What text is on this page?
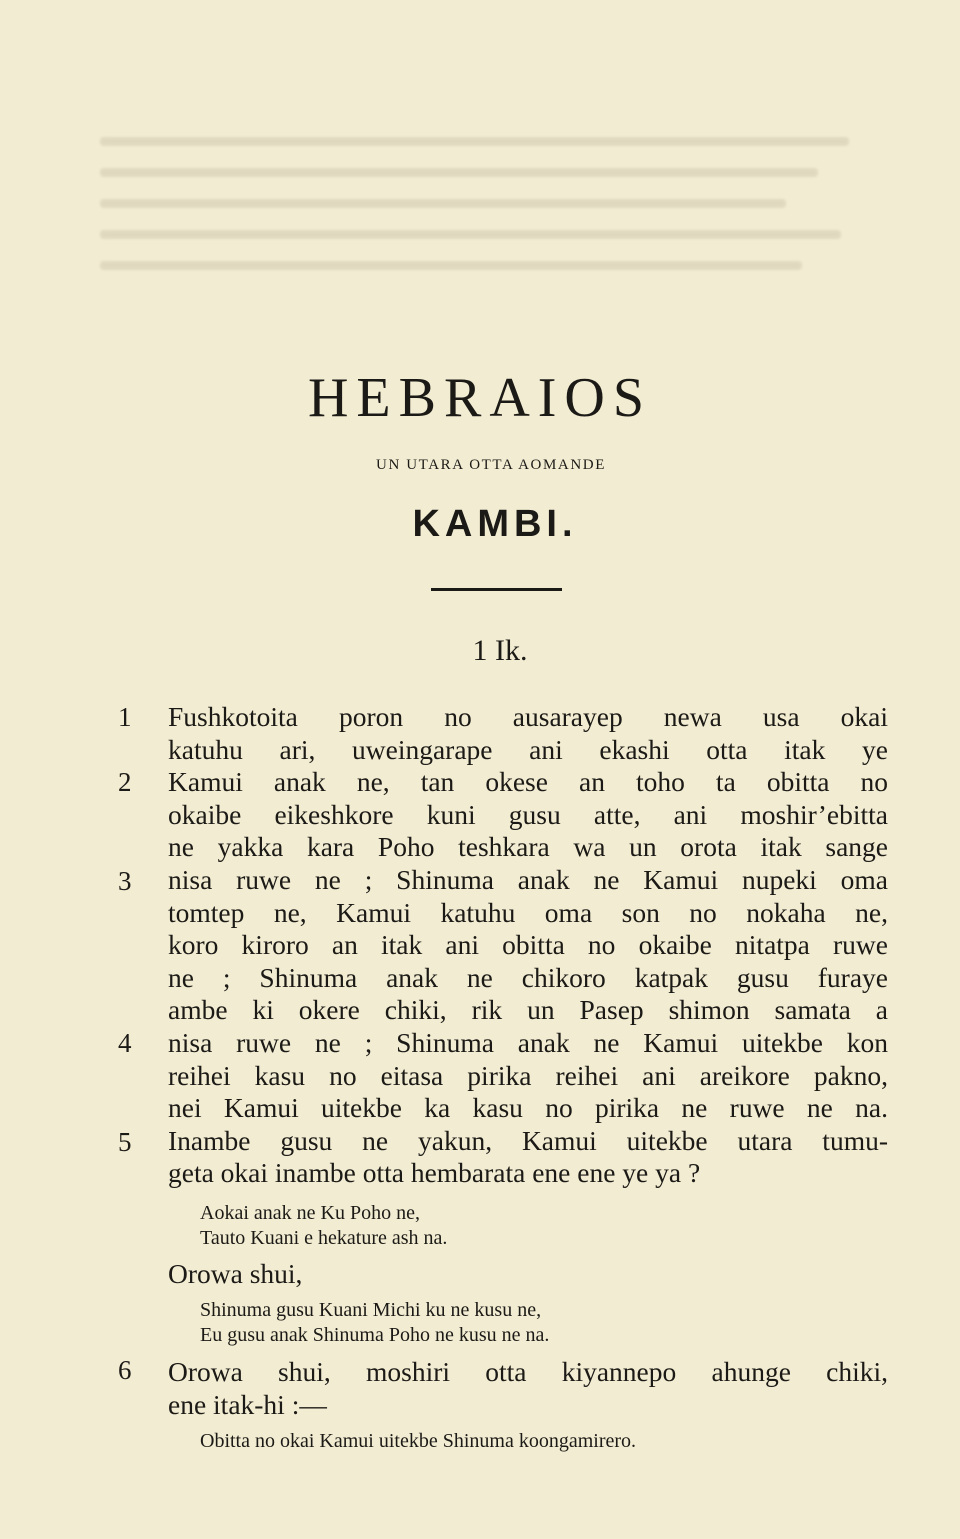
HEBRAIOS
UN UTARA OTTA AOMANDE
KAMBI.
1 Ik.
1
2
3
4
5
6
Fushkotoita poron no ausarayep newa usa okai
katuhu ari, uweingarape ani ekashi otta itak ye
Kamui anak ne, tan okese an toho ta obitta no
okaibe eikeshkore kuni gusu atte, ani moshir’ebitta
ne yakka kara Poho teshkara wa un orota itak sange
nisa ruwe ne ; Shinuma anak ne Kamui nupeki oma
tomtep ne, Kamui katuhu oma son no nokaha ne,
koro kiroro an itak ani obitta no okaibe nitatpa ruwe
ne ; Shinuma anak ne chikoro katpak gusu furaye
ambe ki okere chiki, rik un Pasep shimon samata a
nisa ruwe ne ; Shinuma anak ne Kamui uitekbe kon
reihei kasu no eitasa pirika reihei ani areikore pakno,
nei Kamui uitekbe ka kasu no pirika ne ruwe ne na.
Inambe gusu ne yakun, Kamui uitekbe utara tumu-
geta okai inambe otta hembarata ene ene ye ya ?
Aokai anak ne Ku Poho ne,
Tauto Kuani e hekature ash na.
Orowa shui,
Shinuma gusu Kuani Michi ku ne kusu ne,
Eu gusu anak Shinuma Poho ne kusu ne na.
Orowa shui, moshiri otta kiyannepo ahunge chiki,
ene itak-hi :—
Obitta no okai Kamui uitekbe Shinuma koongamirero.
